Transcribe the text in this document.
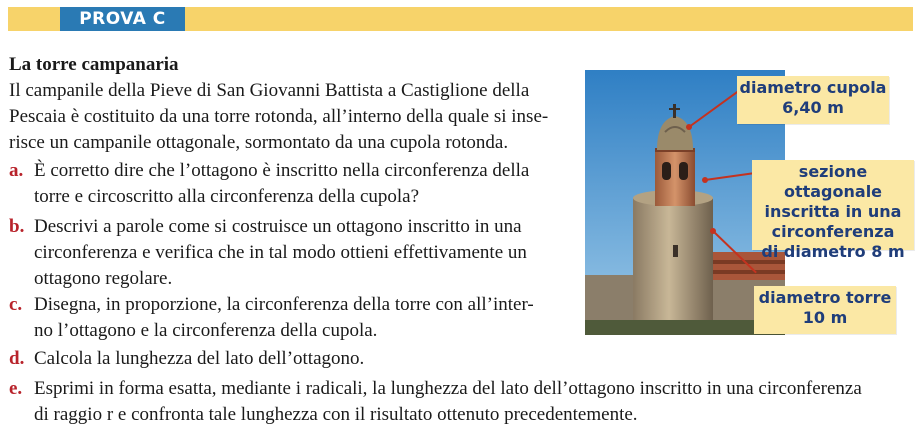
PROVA C
La torre campanaria
Il campanile della Pieve di San Giovanni Battista a Castiglione della
Pescaia è costituito da una torre rotonda, all’interno della quale si inse-
risce un campanile ottagonale, sormontato da una cupola rotonda.
a. È corretto dire che l’ottagono è inscritto nella circonferenza della
torre e circoscritto alla circonferenza della cupola?
b. Descrivi a parole come si costruisce un ottagono inscritto in una
circonferenza e verifica che in tal modo ottieni effettivamente un
ottagono regolare.
c. Disegna, in proporzione, la circonferenza della torre con all’inter-
no l’ottagono e la circonferenza della cupola.
d. Calcola la lunghezza del lato dell’ottagono.
e. Esprimi in forma esatta, mediante i radicali, la lunghezza del lato dell’ottagono inscritto in una circonferenza
di raggio r e confronta tale lunghezza con il risultato ottenuto precedentemente.
diametro cupola
6,40 m
sezione ottagonale
inscritta in una
circonferenza
di diametro 8 m
diametro torre
10 m
